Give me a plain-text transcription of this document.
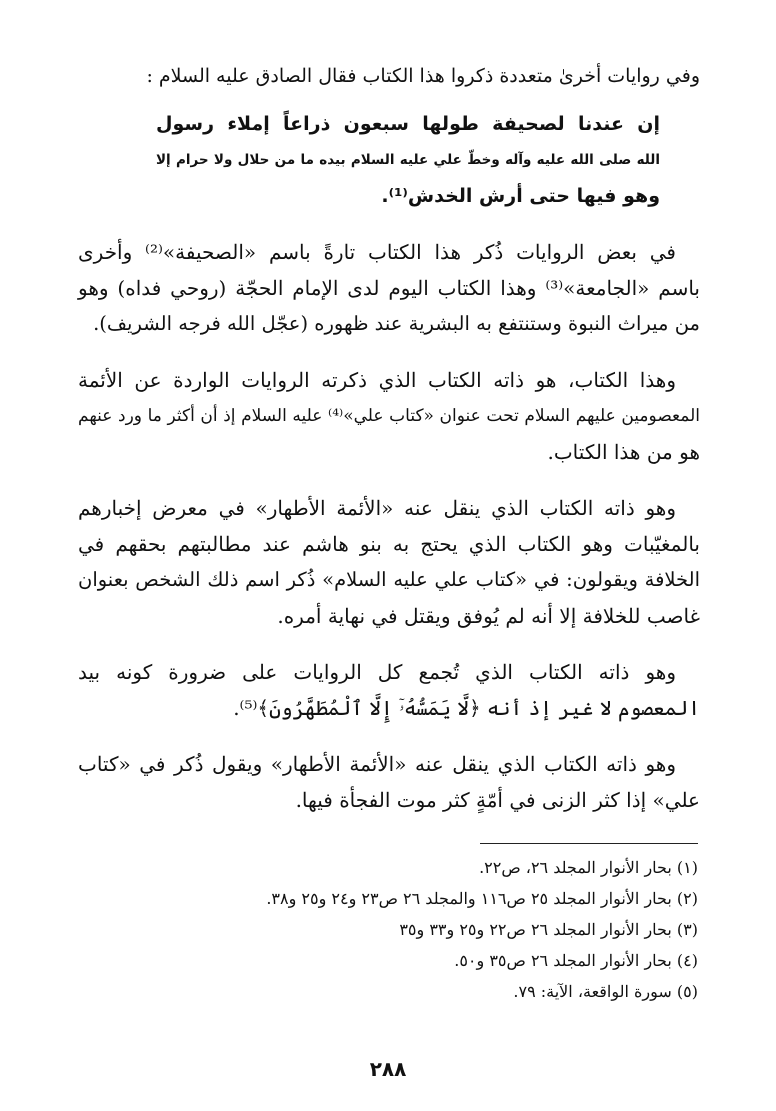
وفي روايات أخرىٰ متعددة ذكروا هذا الكتاب فقال الصادق عليه السلام :
إن عندنا لصحيفة طولها سبعون ذراعاً إملاء رسول
الله صلى الله عليه وآله وخطّ علي عليه السلام بيده ما من حلال ولا حرام إلا
وهو فيها حتى أرش الخدش⁽¹⁾.
في بعض الروايات ذُكر هذا الكتاب تارةً باسم «الصحيفة»⁽²⁾ وأخرى
باسم «الجامعة»⁽³⁾ وهذا الكتاب اليوم لدى الإمام الحجّة (روحي فداه) وهو
من ميراث النبوة وستنتفع به البشرية عند ظهوره (عجّل الله فرجه الشريف).
وهذا الكتاب، هو ذاته الكتاب الذي ذكرته الروايات الواردة عن الأئمة
المعصومين عليهم السلام تحت عنوان «كتاب علي»⁽⁴⁾ عليه السلام إذ أن أكثر ما ورد عنهم
هو من هذا الكتاب.
وهو ذاته الكتاب الذي ينقل عنه «الأئمة الأطهار» في معرض إخبارهم
بالمغيّبات وهو الكتاب الذي يحتج به بنو هاشم عند مطالبتهم بحقهم في
الخلافة ويقولون: في «كتاب علي عليه السلام» ذُكر اسم ذلك الشخص بعنوان
غاصب للخلافة إلا أنه لم يُوفق ويقتل في نهاية أمره.
وهو ذاته الكتاب الذي تُجمع كل الروايات على ضرورة كونه بيد
المعصوم لا غير إذ أنه ﴿لَّا يَمَسُّهُۥٓ إِلَّا ٱلْمُطَهَّرُونَ﴾⁽⁵⁾.
وهو ذاته الكتاب الذي ينقل عنه «الأئمة الأطهار» ويقول ذُكر في «كتاب
علي» إذا كثر الزنى في أمّةٍ كثر موت الفجأة فيها.
(١) بحار الأنوار المجلد ٢٦، ص٢٢.
(٢) بحار الأنوار المجلد ٢٥ ص١١٦ والمجلد ٢٦ ص٢٣ و٢٤ و٢٥ و٣٨.
(٣) بحار الأنوار المجلد ٢٦ ص٢٢ و٢٥ و٣٣ و٣٥
(٤) بحار الأنوار المجلد ٢٦ ص٣٥ و٥٠.
(٥) سورة الواقعة، الآية: ٧٩.
٢٨٨
